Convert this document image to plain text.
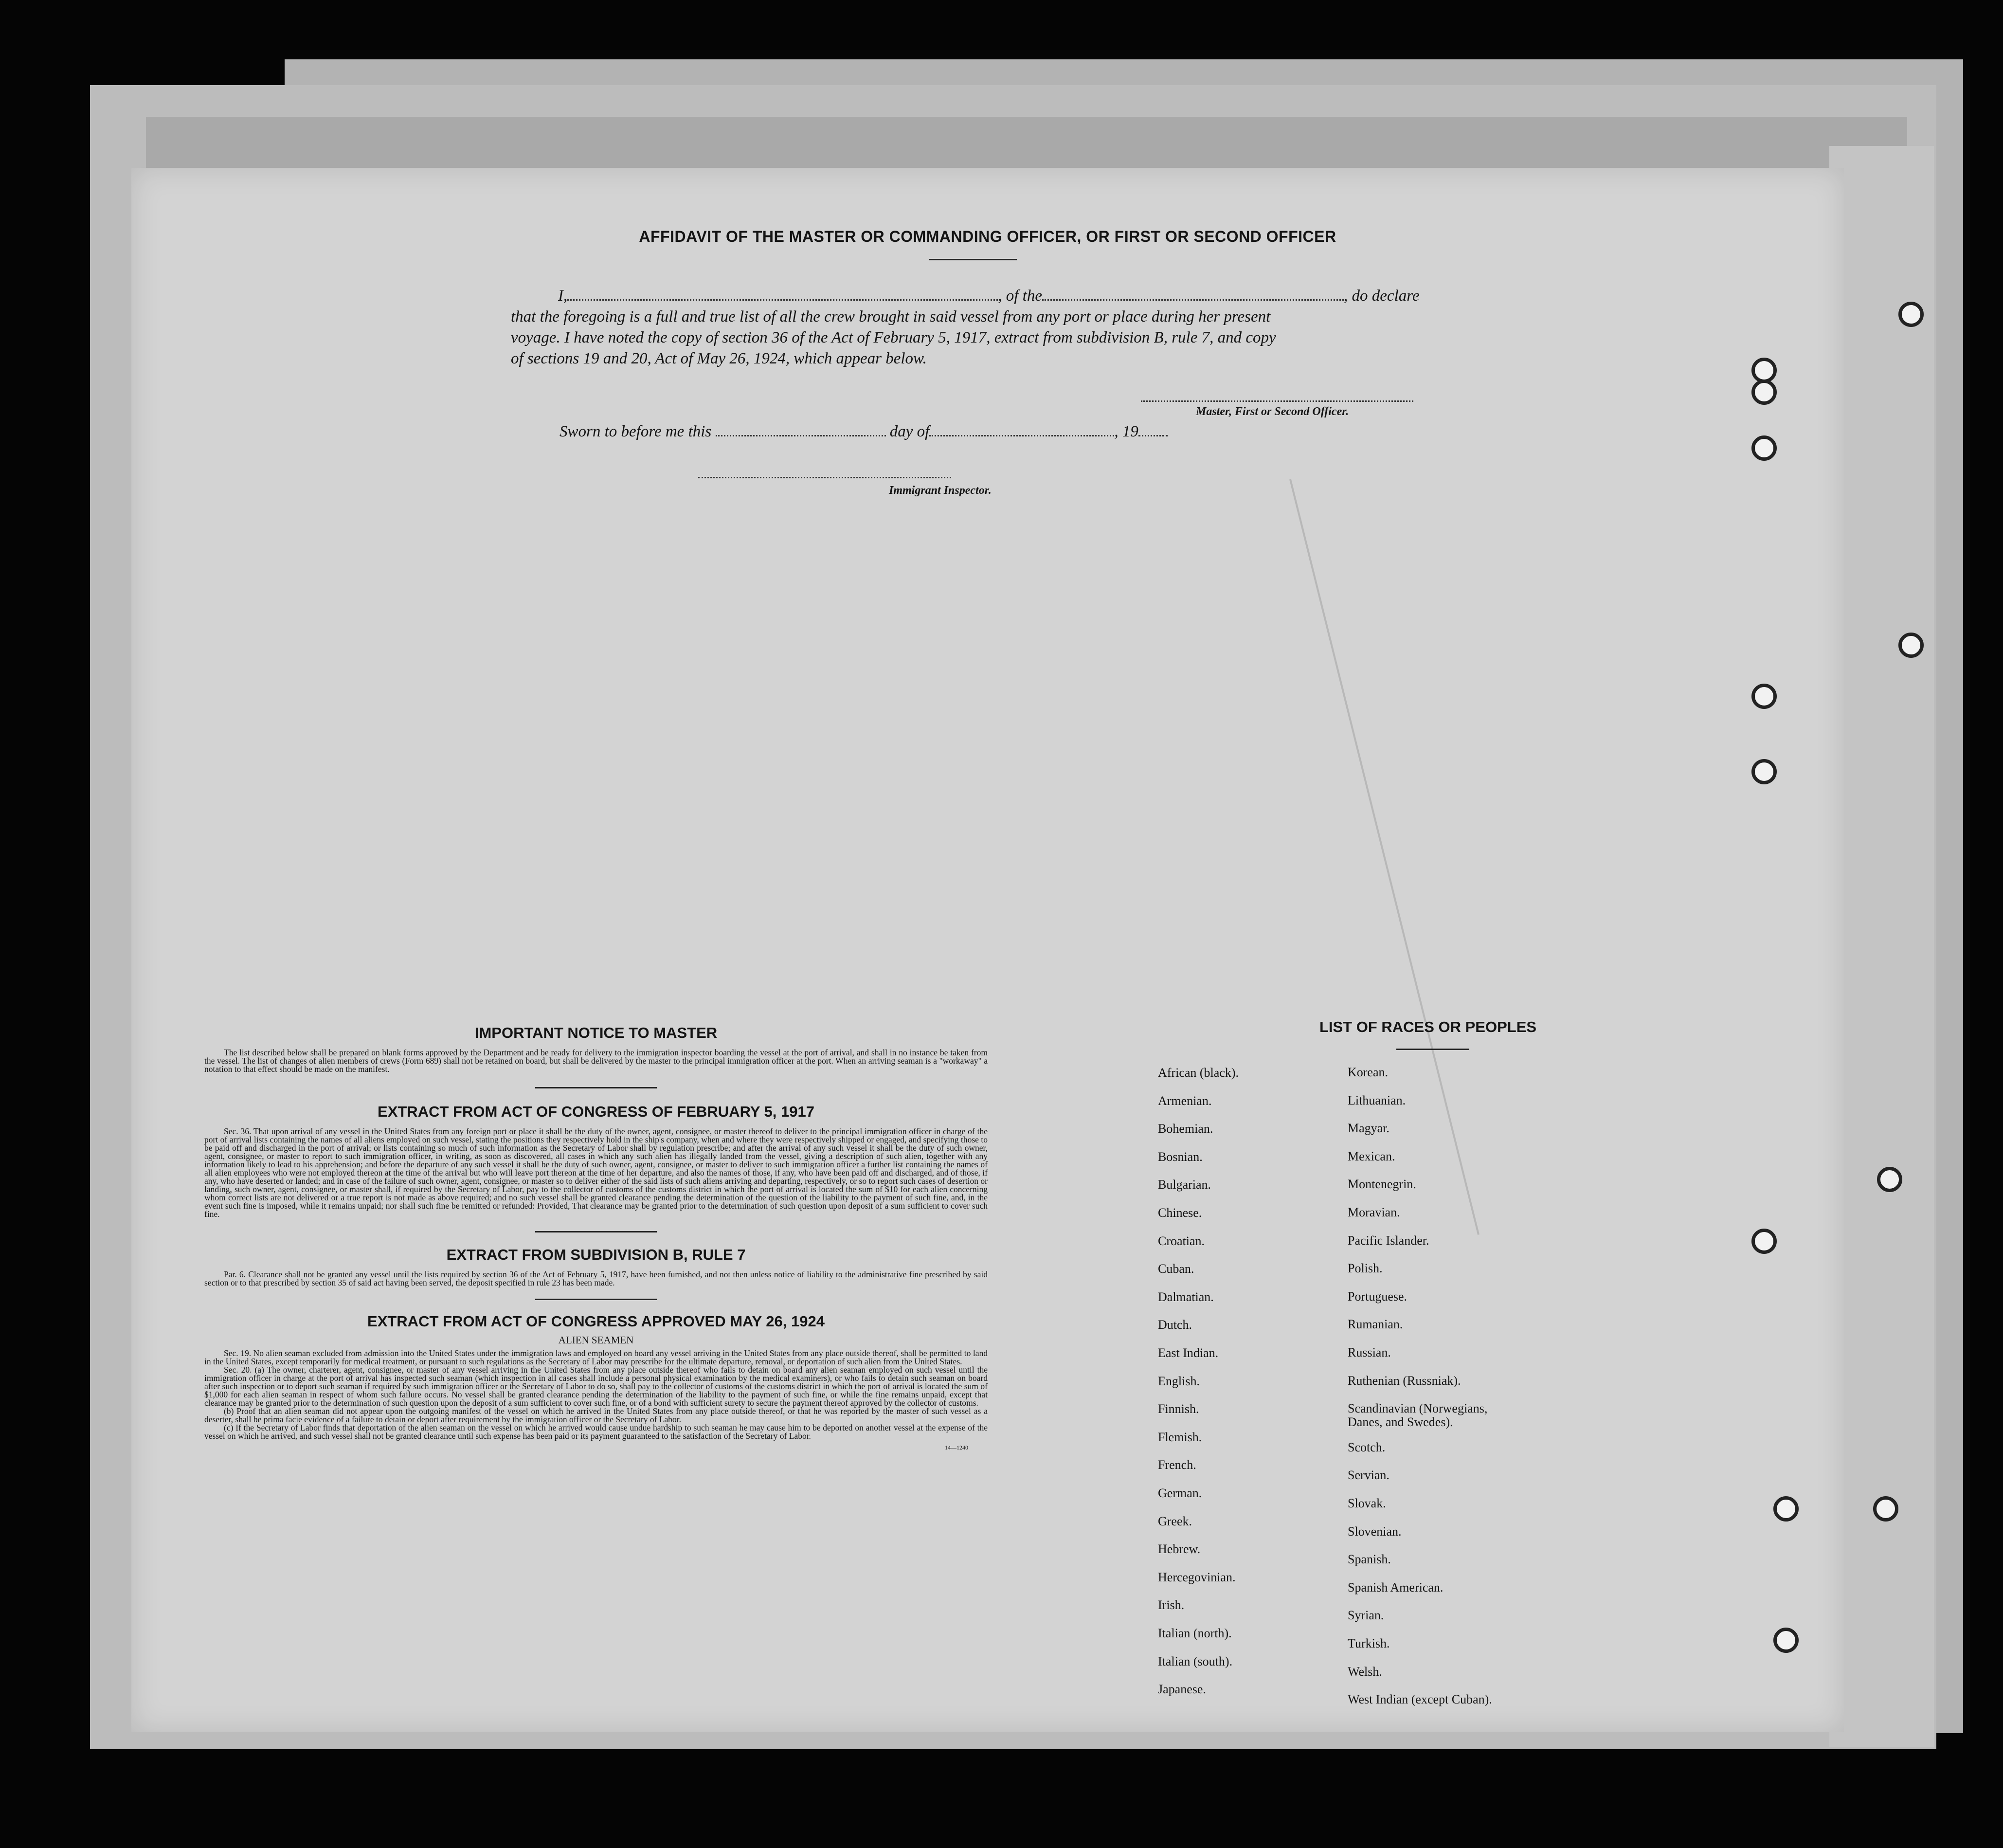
AFFIDAVIT OF THE MASTER OR COMMANDING OFFICER, OR FIRST OR SECOND OFFICER
I,	, of the	, do declare
that the foregoing is a full and true list of all the crew brought in said vessel from any port or place during her present
voyage. I have noted the copy of section 36 of the Act of February 5, 1917, extract from subdivision B, rule 7, and copy
of sections 19 and 20, Act of May 26, 1924, which appear below.
Master, First or Second Officer.
Sworn to before me this	day of	, 19
Immigrant Inspector.
IMPORTANT NOTICE TO MASTER

The list described below shall be prepared on blank forms approved by the Department and be ready for delivery to the immigration inspector boarding the vessel at the port of arrival, and shall in no instance be taken from the vessel. The list of changes of alien members of crews (Form 689) shall not be retained on board, but shall be delivered by the master to the principal immigration officer at the port. When an arriving seaman is a "workaway" a notation to that effect should be made on the manifest.

EXTRACT FROM ACT OF CONGRESS OF FEBRUARY 5, 1917

Sec. 36. That upon arrival of any vessel in the United States from any foreign port or place it shall be the duty of the owner, agent, consignee, or master thereof to deliver to the principal immigration officer in charge of the port of arrival lists containing the names of all aliens employed on such vessel, stating the positions they respectively hold in the ship's company, when and where they were respectively shipped or engaged, and specifying those to be paid off and discharged in the port of arrival; or lists containing so much of such information as the Secretary of Labor shall by regulation prescribe; and after the arrival of any such vessel it shall be the duty of such owner, agent, consignee, or master to report to such immigration officer, in writing, as soon as discovered, all cases in which any such alien has illegally landed from the vessel, giving a description of such alien, together with any information likely to lead to his apprehension; and before the departure of any such vessel it shall be the duty of such owner, agent, consignee, or master to deliver to such immigration officer a further list containing the names of all alien employees who were not employed thereon at the time of the arrival but who will leave port thereon at the time of her departure, and also the names of those, if any, who have been paid off and discharged, and of those, if any, who have deserted or landed; and in case of the failure of such owner, agent, consignee, or master so to deliver either of the said lists of such aliens arriving and departing, respectively, or so to report such cases of desertion or landing, such owner, agent, consignee, or master shall, if required by the Secretary of Labor, pay to the collector of customs of the customs district in which the port of arrival is located the sum of $10 for each alien concerning whom correct lists are not delivered or a true report is not made as above required; and no such vessel shall be granted clearance pending the determination of the question of the liability to the payment of such fine, and, in the event such fine is imposed, while it remains unpaid; nor shall such fine be remitted or refunded: Provided, That clearance may be granted prior to the determination of such question upon deposit of a sum sufficient to cover such fine.

EXTRACT FROM SUBDIVISION B, RULE 7

Par. 6. Clearance shall not be granted any vessel until the lists required by section 36 of the Act of February 5, 1917, have been furnished, and not then unless notice of liability to the administrative fine prescribed by said section or to that prescribed by section 35 of said act having been served, the deposit specified in rule 23 has been made.

EXTRACT FROM ACT OF CONGRESS APPROVED MAY 26, 1924
ALIEN SEAMEN

Sec. 19. No alien seaman excluded from admission into the United States under the immigration laws and employed on board any vessel arriving in the United States from any place outside thereof, shall be permitted to land in the United States, except temporarily for medical treatment, or pursuant to such regulations as the Secretary of Labor may prescribe for the ultimate departure, removal, or deportation of such alien from the United States.

Sec. 20. (a) The owner, charterer, agent, consignee, or master of any vessel arriving in the United States from any place outside thereof who fails to detain on board any alien seaman employed on such vessel until the immigration officer in charge at the port of arrival has inspected such seaman (which inspection in all cases shall include a personal physical examination by the medical examiners), or who fails to detain such seaman on board after such inspection or to deport such seaman if required by such immigration officer or the Secretary of Labor to do so, shall pay to the collector of customs of the customs district in which the port of arrival is located the sum of $1,000 for each alien seaman in respect of whom such failure occurs. No vessel shall be granted clearance pending the determination of the liability to the payment of such fine, or while the fine remains unpaid, except that clearance may be granted prior to the determination of such question upon the deposit of a sum sufficient to cover such fine, or of a bond with sufficient surety to secure the payment thereof approved by the collector of customs.

(b) Proof that an alien seaman did not appear upon the outgoing manifest of the vessel on which he arrived in the United States from any place outside thereof, or that he was reported by the master of such vessel as a deserter, shall be prima facie evidence of a failure to detain or deport after requirement by the immigration officer or the Secretary of Labor.

(c) If the Secretary of Labor finds that deportation of the alien seaman on the vessel on which he arrived would cause undue hardship to such seaman he may cause him to be deported on another vessel at the expense of the vessel on which he arrived, and such vessel shall not be granted clearance until such expense has been paid or its payment guaranteed to the satisfaction of the Secretary of Labor.

14—1240
LIST OF RACES OR PEOPLES
African (black).
Armenian.
Bohemian.
Bosnian.
Bulgarian.
Chinese.
Croatian.
Cuban.
Dalmatian.
Dutch.
East Indian.
English.
Finnish.
Flemish.
French.
German.
Greek.
Hebrew.
Hercegovinian.
Irish.
Italian (north).
Italian (south).
Japanese.
Korean.
Lithuanian.
Magyar.
Mexican.
Montenegrin.
Moravian.
Pacific Islander.
Polish.
Portuguese.
Rumanian.
Russian.
Ruthenian (Russniak).
Scandinavian (Norwegians, Danes, and Swedes).
Scotch.
Servian.
Slovak.
Slovenian.
Spanish.
Spanish American.
Syrian.
Turkish.
Welsh.
West Indian (except Cuban).
